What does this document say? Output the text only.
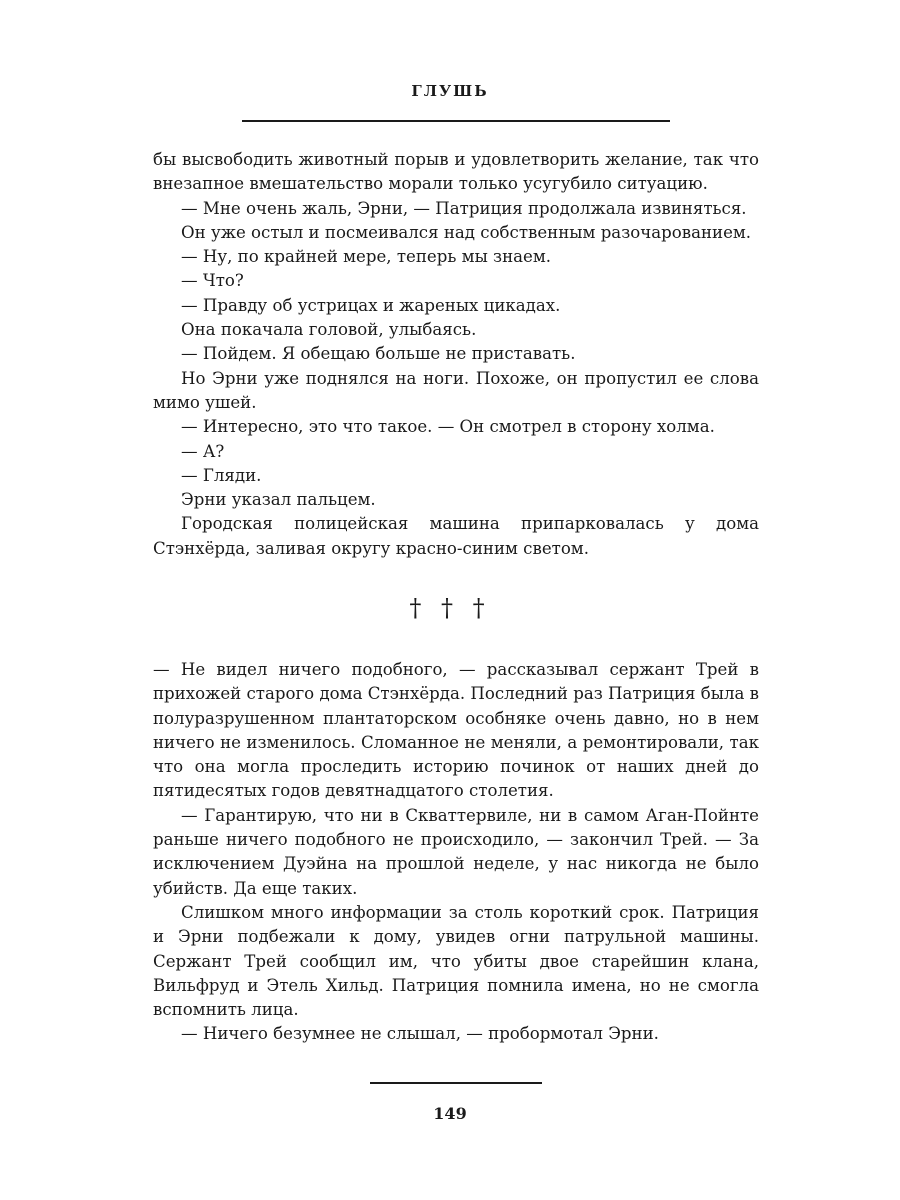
ГЛУШЬ

бы высвободить животный порыв и удовлетворить желание, так что внезапное вмешательство морали только усугубило ситуацию.

— Мне очень жаль, Эрни, — Патриция продолжала извиняться.

Он уже остыл и посмеивался над собственным разочарованием.

— Ну, по крайней мере, теперь мы знаем.

— Что?

— Правду об устрицах и жареных цикадах.

Она покачала головой, улыбаясь.

— Пойдем. Я обещаю больше не приставать.

Но Эрни уже поднялся на ноги. Похоже, он пропустил ее слова мимо ушей.

— Интересно, это что такое. — Он смотрел в сторону холма.

— А?

— Гляди.

Эрни указал пальцем.

Городская полицейская машина припарковалась у дома Стэнхёрда, заливая округу красно-синим светом.

† † †

— Не видел ничего подобного, — рассказывал сержант Трей в прихожей старого дома Стэнхёрда. Последний раз Патриция была в полуразрушенном плантаторском особняке очень давно, но в нем ничего не изменилось. Сломанное не меняли, а ремонтировали, так что она могла проследить историю починок от наших дней до пятидесятых годов девятнадцатого столетия.

— Гарантирую, что ни в Скваттервиле, ни в самом Аган-Пойнте раньше ничего подобного не происходило, — закончил Трей. — За исключением Дуэйна на прошлой неделе, у нас никогда не было убийств. Да еще таких.

Слишком много информации за столь короткий срок. Патриция и Эрни подбежали к дому, увидев огни патрульной машины. Сержант Трей сообщил им, что убиты двое старейшин клана, Вильфруд и Этель Хильд. Патриция помнила имена, но не смогла вспомнить лица.

— Ничего безумнее не слышал, — пробормотал Эрни.

149
